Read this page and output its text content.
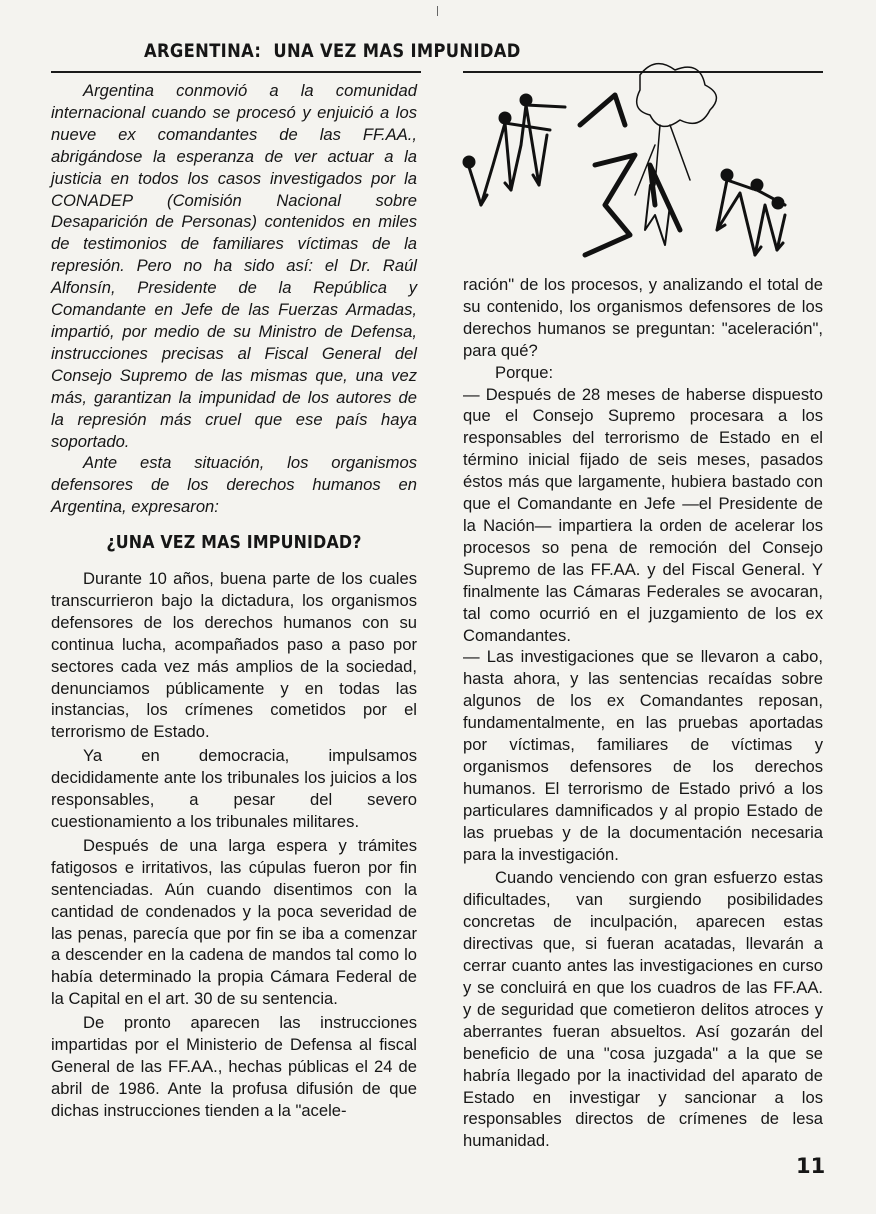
ARGENTINA: UNA VEZ MAS IMPUNIDAD

Argentina conmovió a la comunidad internacional cuando se procesó y enjuició a los nueve ex comandantes de las FF.AA., abrigándose la esperanza de ver actuar a la justicia en todos los casos investigados por la CONADEP (Comisión Nacional sobre Desaparición de Personas) contenidos en miles de testimonios de familiares víctimas de la represión. Pero no ha sido así: el Dr. Raúl Alfonsín, Presidente de la República y Comandante en Jefe de las Fuerzas Armadas, impartió, por medio de su Ministro de Defensa, instrucciones precisas al Fiscal General del Consejo Supremo de las mismas que, una vez más, garantizan la impunidad de los autores de la represión más cruel que ese país haya soportado.

Ante esta situación, los organismos defensores de los derechos humanos en Argentina, expresaron:

¿UNA VEZ MAS IMPUNIDAD?

Durante 10 años, buena parte de los cuales transcurrieron bajo la dictadura, los organismos defensores de los derechos humanos con su continua lucha, acompañados paso a paso por sectores cada vez más amplios de la sociedad, denunciamos públicamente y en todas las instancias, los crímenes cometidos por el terrorismo de Estado.

Ya en democracia, impulsamos decididamente ante los tribunales los juicios a los responsables, a pesar del severo cuestionamiento a los tribunales militares.

Después de una larga espera y trámites fatigosos e irritativos, las cúpulas fueron por fin sentenciadas. Aún cuando disentimos con la cantidad de condenados y la poca severidad de las penas, parecía que por fin se iba a comenzar a descender en la cadena de mandos tal como lo había determinado la propia Cámara Federal de la Capital en el art. 30 de su sentencia.

De pronto aparecen las instrucciones impartidas por el Ministerio de Defensa al fiscal General de las FF.AA., hechas públicas el 24 de abril de 1986. Ante la profusa difusión de que dichas instrucciones tienden a la "acele-

ración" de los procesos, y analizando el total de su contenido, los organismos defensores de los derechos humanos se preguntan: "aceleración", para qué?

Porque:

— Después de 28 meses de haberse dispuesto que el Consejo Supremo procesara a los responsables del terrorismo de Estado en el término inicial fijado de seis meses, pasados éstos más que largamente, hubiera bastado con que el Comandante en Jefe —el Presidente de la Nación— impartiera la orden de acelerar los procesos so pena de remoción del Consejo Supremo de las FF.AA. y del Fiscal General. Y finalmente las Cámaras Federales se avocaran, tal como ocurrió en el juzgamiento de los ex Comandantes.

— Las investigaciones que se llevaron a cabo, hasta ahora, y las sentencias recaídas sobre algunos de los ex Comandantes reposan, fundamentalmente, en las pruebas aportadas por víctimas, familiares de víctimas y organismos defensores de los derechos humanos. El terrorismo de Estado privó a los particulares damnificados y al propio Estado de las pruebas y de la documentación necesaria para la investigación.

Cuando venciendo con gran esfuerzo estas dificultades, van surgiendo posibilidades concretas de inculpación, aparecen estas directivas que, si fueran acatadas, llevarán a cerrar cuanto antes las investigaciones en curso y se concluirá en que los cuadros de las FF.AA. y de seguridad que cometieron delitos atroces y aberrantes fueran absueltos. Así gozarán del beneficio de una "cosa juzgada" a la que se habría llegado por la inactividad del aparato de Estado en investigar y sancionar a los responsables directos de crímenes de lesa humanidad.

11
